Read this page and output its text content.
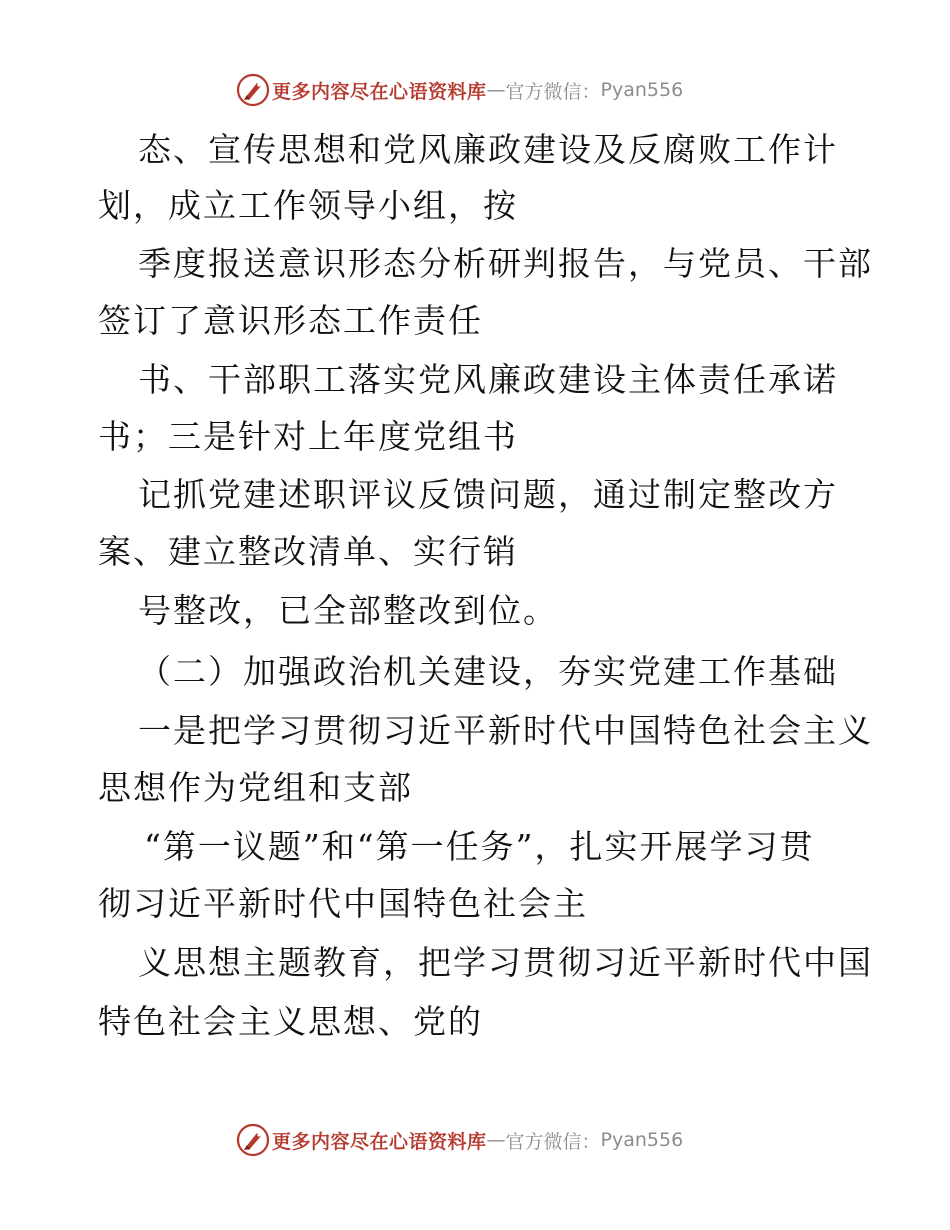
更多内容尽在心语资料库 — 官方微信： Pyan556
态、宣传思想和党风廉政建设及反腐败工作计
划，成立工作领导小组，按
季度报送意识形态分析研判报告，与党员、干部
签订了意识形态工作责任
书、干部职工落实党风廉政建设主体责任承诺
书；三是针对上年度党组书
记抓党建述职评议反馈问题，通过制定整改方
案、建立整改清单、实行销
号整改，已全部整改到位。
（二）加强政治机关建设，夯实党建工作基础
一是把学习贯彻习近平新时代中国特色社会主义
思想作为党组和支部
“第一议题”和“第一任务”，扎实开展学习贯
彻习近平新时代中国特色社会主
义思想主题教育，把学习贯彻习近平新时代中国
特色社会主义思想、党的
更多内容尽在心语资料库 — 官方微信： Pyan556
